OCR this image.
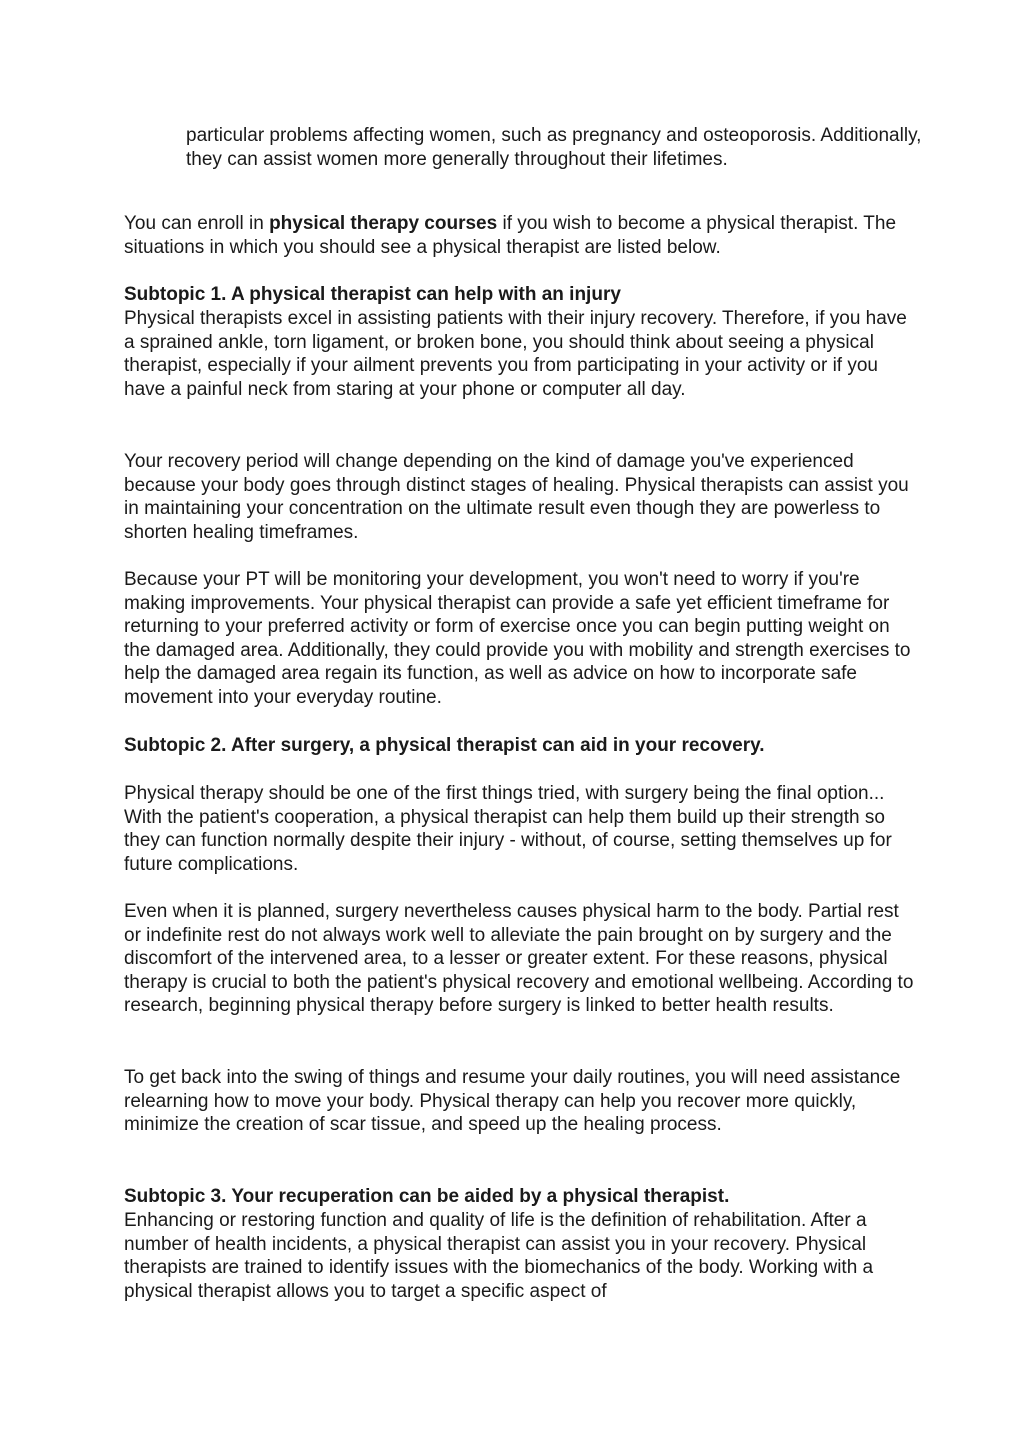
particular problems affecting women, such as pregnancy and osteoporosis. Additionally, they can assist women more generally throughout their lifetimes.

You can enroll in physical therapy courses if you wish to become a physical therapist. The situations in which you should see a physical therapist are listed below.

Subtopic 1. A physical therapist can help with an injury

Physical therapists excel in assisting patients with their injury recovery. Therefore, if you have a sprained ankle, torn ligament, or broken bone, you should think about seeing a physical therapist, especially if your ailment prevents you from participating in your activity or if you have a painful neck from staring at your phone or computer all day.

Your recovery period will change depending on the kind of damage you've experienced because your body goes through distinct stages of healing. Physical therapists can assist you in maintaining your concentration on the ultimate result even though they are powerless to shorten healing timeframes.

Because your PT will be monitoring your development, you won't need to worry if you're making improvements. Your physical therapist can provide a safe yet efficient timeframe for returning to your preferred activity or form of exercise once you can begin putting weight on the damaged area. Additionally, they could provide you with mobility and strength exercises to help the damaged area regain its function, as well as advice on how to incorporate safe movement into your everyday routine.

Subtopic 2. After surgery, a physical therapist can aid in your recovery.

Physical therapy should be one of the first things tried, with surgery being the final option... With the patient's cooperation, a physical therapist can help them build up their strength so they can function normally despite their injury - without, of course, setting themselves up for future complications.

Even when it is planned, surgery nevertheless causes physical harm to the body. Partial rest or indefinite rest do not always work well to alleviate the pain brought on by surgery and the discomfort of the intervened area, to a lesser or greater extent. For these reasons, physical therapy is crucial to both the patient's physical recovery and emotional wellbeing. According to research, beginning physical therapy before surgery is linked to better health results.

To get back into the swing of things and resume your daily routines, you will need assistance relearning how to move your body. Physical therapy can help you recover more quickly, minimize the creation of scar tissue, and speed up the healing process.

Subtopic 3. Your recuperation can be aided by a physical therapist.

Enhancing or restoring function and quality of life is the definition of rehabilitation. After a number of health incidents, a physical therapist can assist you in your recovery. Physical therapists are trained to identify issues with the biomechanics of the body. Working with a physical therapist allows you to target a specific aspect of
